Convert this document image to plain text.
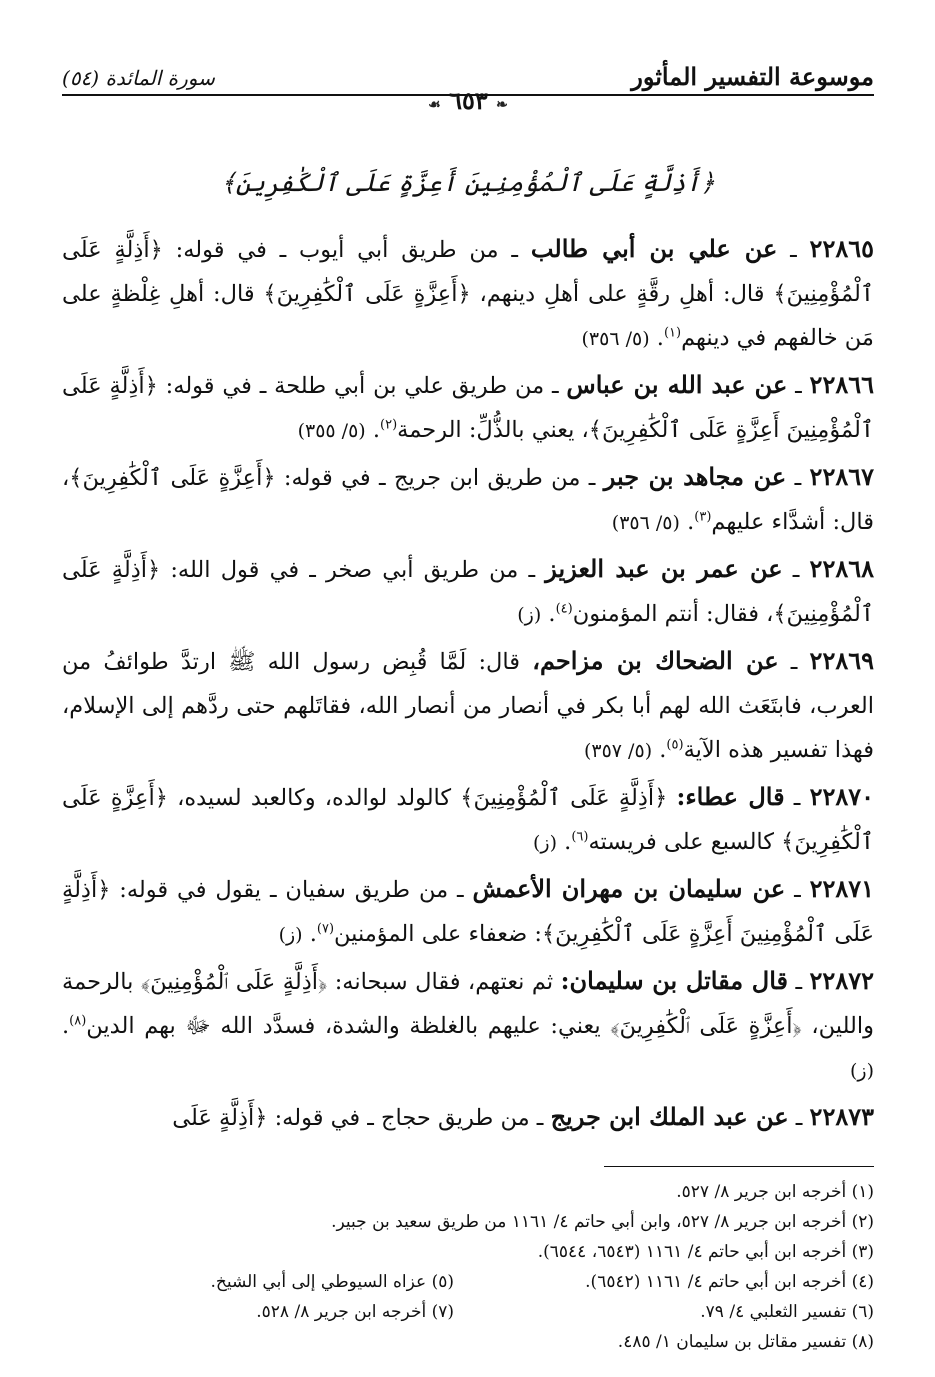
موسوعة التفسير المأثور
❧ ٦٥٣ ☙
سورة المائدة (٥٤)
﴿أَذِلَّةٍ عَلَى ٱلْمُؤْمِنِينَ أَعِزَّةٍ عَلَى ٱلْكَٰفِرِينَ﴾
٢٢٨٦٥ ـ عن علي بن أبي طالب ـ من طريق أبي أيوب ـ في قوله: ﴿أَذِلَّةٍ عَلَى ٱلْمُؤْمِنِينَ﴾ قال: أهلِ رقَّةٍ على أهلِ دينهم، ﴿أَعِزَّةٍ عَلَى ٱلْكَٰفِرِينَ﴾ قال: أهلِ غِلْظةٍ على مَن خالفهم في دينهم$^{(١)}$. (٥/ ٣٥٦)
٢٢٨٦٦ ـ عن عبد الله بن عباس ـ من طريق علي بن أبي طلحة ـ في قوله: ﴿أَذِلَّةٍ عَلَى ٱلْمُؤْمِنِينَ أَعِزَّةٍ عَلَى ٱلْكَٰفِرِينَ﴾، يعني بالذُّلِّ: الرحمة$^{(٢)}$. (٥/ ٣٥٥)
٢٢٨٦٧ ـ عن مجاهد بن جبر ـ من طريق ابن جريج ـ في قوله: ﴿أَعِزَّةٍ عَلَى ٱلْكَٰفِرِينَ﴾، قال: أشدَّاء عليهم$^{(٣)}$. (٥/ ٣٥٦)
٢٢٨٦٨ ـ عن عمر بن عبد العزيز ـ من طريق أبي صخر ـ في قول الله: ﴿أَذِلَّةٍ عَلَى ٱلْمُؤْمِنِينَ﴾، فقال: أنتم المؤمنون$^{(٤)}$. (ز)
٢٢٨٦٩ ـ عن الضحاك بن مزاحم، قال: لَمَّا قُبِض رسول الله ﷺ ارتدَّ طوائفُ من العرب، فابتَعَث الله لهم أبا بكر في أنصار من أنصار الله، فقاتَلهم حتى ردَّهم إلى الإسلام، فهذا تفسير هذه الآية$^{(٥)}$. (٥/ ٣٥٧)
٢٢٨٧٠ ـ قال عطاء: ﴿أَذِلَّةٍ عَلَى ٱلْمُؤْمِنِينَ﴾ كالولد لوالده، وكالعبد لسيده، ﴿أَعِزَّةٍ عَلَى ٱلْكَٰفِرِينَ﴾ كالسبع على فريسته$^{(٦)}$. (ز)
٢٢٨٧١ ـ عن سليمان بن مهران الأعمش ـ من طريق سفيان ـ يقول في قوله: ﴿أَذِلَّةٍ عَلَى ٱلْمُؤْمِنِينَ أَعِزَّةٍ عَلَى ٱلْكَٰفِرِينَ﴾: ضعفاء على المؤمنين$^{(٧)}$. (ز)
٢٢٨٧٢ ـ قال مقاتل بن سليمان: ثم نعتهم، فقال سبحانه: ﴿أَذِلَّةٍ عَلَى ٱلْمُؤْمِنِينَ﴾ بالرحمة واللين، ﴿أَعِزَّةٍ عَلَى ٱلْكَٰفِرِينَ﴾ يعني: عليهم بالغلظة والشدة، فسدَّد الله ﷻ بهم الدين$^{(٨)}$. (ز)
٢٢٨٧٣ ـ عن عبد الملك ابن جريج ـ من طريق حجاج ـ في قوله: ﴿أَذِلَّةٍ عَلَى
(١) أخرجه ابن جرير ٨/ ٥٢٧.
(٢) أخرجه ابن جرير ٨/ ٥٢٧، وابن أبي حاتم ٤/ ١١٦١ من طريق سعيد بن جبير.
(٣) أخرجه ابن أبي حاتم ٤/ ١١٦١ (٦٥٤٣، ٦٥٤٤).
(٤) أخرجه ابن أبي حاتم ٤/ ١١٦١ (٦٥٤٢).
(٥) عزاه السيوطي إلى أبي الشيخ.
(٦) تفسير الثعلبي ٤/ ٧٩.
(٧) أخرجه ابن جرير ٨/ ٥٢٨.
(٨) تفسير مقاتل بن سليمان ١/ ٤٨٥.
